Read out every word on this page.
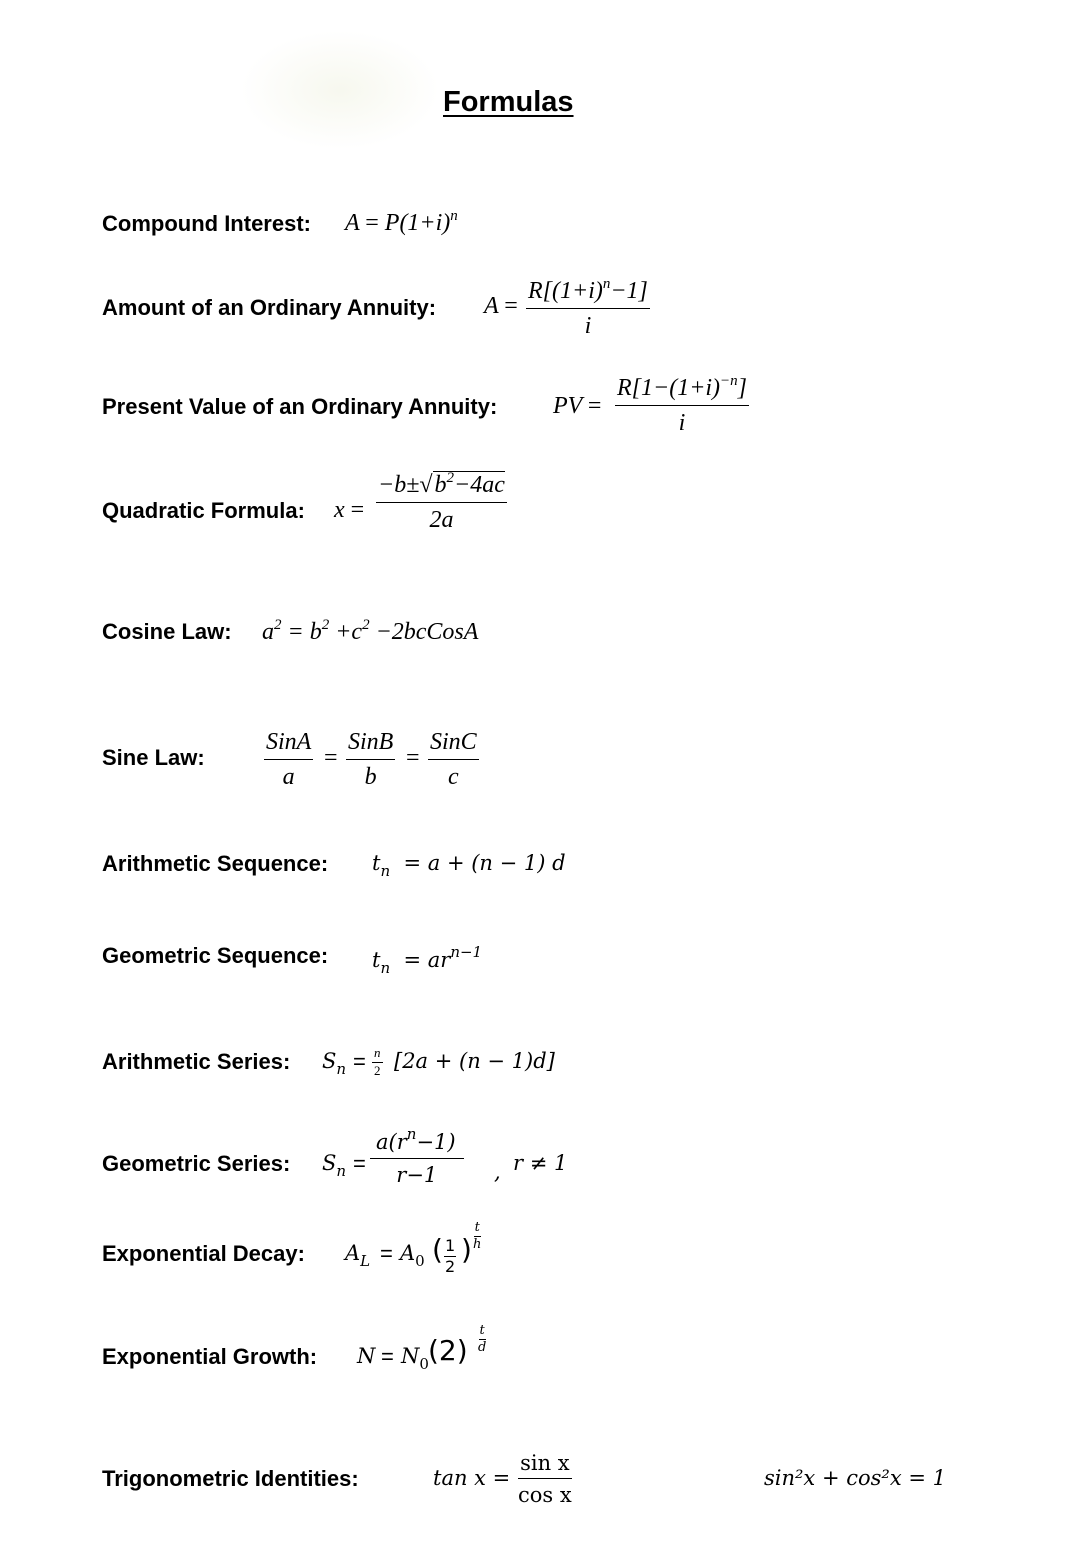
Formulas
Compound Interest: $A = P(1+i)^n$
Amount of an Ordinary Annuity: $A = \frac{R[(1+i)^n-1]}{i}$
Present Value of an Ordinary Annuity: PV = $\frac{R[1-(1+i)^{-n}]}{i}$
Quadratic Formula: $x = \frac{-b\pm√b^2-4ac}{2a}$
Cosine Law: $a^2 = b^2 +c^2$ −2bcCosA
Sine Law:
SinA
a
=
SinB
b
=
SinC
c
Arithmetic Sequence: $t_n = a + (n - 1)$ d
Geometric Sequence: $t_n = ar^{n-1}$
Arithmetic Series: $S_n = \frac{n}{2} [2a + (n - 1)d]$
Geometric Series: $S_n = \frac{a(r^n-1)}{r-1}$ , r ≠ 1
Exponential Decay: $A_L = A_0$ ( $\frac{1}{2}$ ) $\frac{t}{h}$
Exponential Growth: $N = N_0$ $(2) \frac{t}{d}$
Trigonometric Identities:	$\tan x = \frac{\text{sin x}}{\text{cos x}}$	sin²x + cos²x = 1
